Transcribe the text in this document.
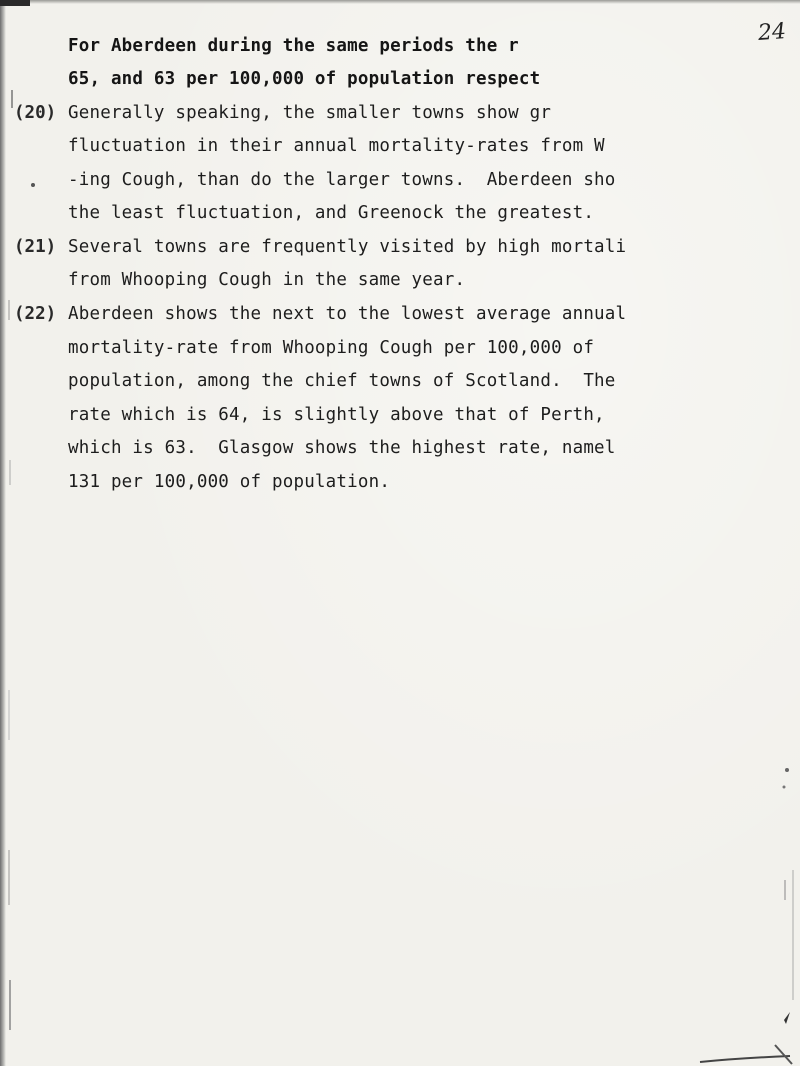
24
For Aberdeen during the same periods the r
65, and 63 per 100,000 of population respect
(20) Generally speaking, the smaller towns show gr
fluctuation in their annual mortality-rates from W
-ing Cough, than do the larger towns.  Aberdeen sho
the least fluctuation, and Greenock the greatest.
(21) Several towns are frequently visited by high mortali
from Whooping Cough in the same year.
(22) Aberdeen shows the next to the lowest average annual
mortality-rate from Whooping Cough per 100,000 of
population, among the chief towns of Scotland.  The
rate which is 64, is slightly above that of Perth,
which is 63.  Glasgow shows the highest rate, namel
131 per 100,000 of population.
